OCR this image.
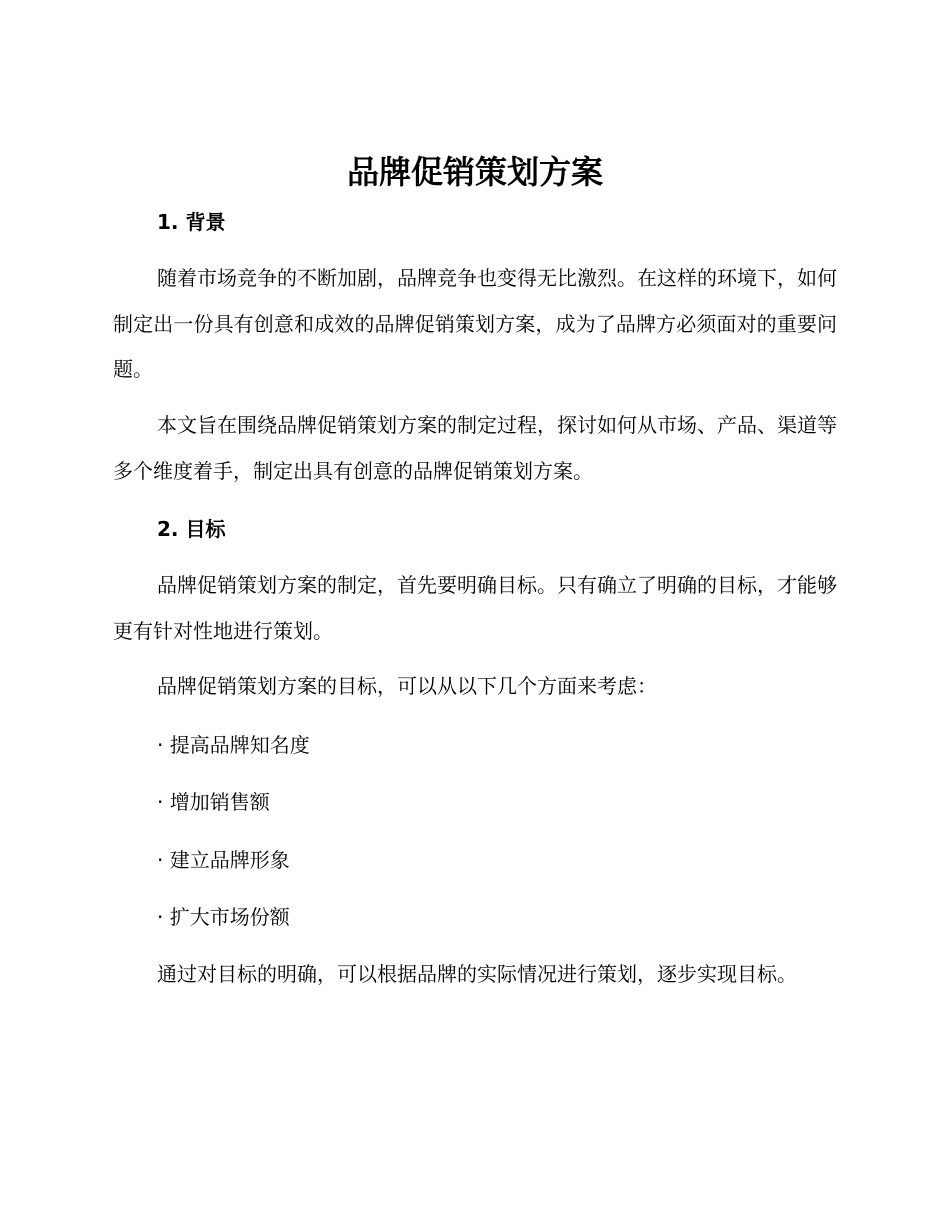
品牌促销策划方案
1. 背景

随着市场竞争的不断加剧，品牌竞争也变得无比激烈。在这样的环境下，如何制定出一份具有创意和成效的品牌促销策划方案，成为了品牌方必须面对的重要问题。

本文旨在围绕品牌促销策划方案的制定过程，探讨如何从市场、产品、渠道等多个维度着手，制定出具有创意的品牌促销策划方案。

2. 目标

品牌促销策划方案的制定，首先要明确目标。只有确立了明确的目标，才能够更有针对性地进行策划。

品牌促销策划方案的目标，可以从以下几个方面来考虑：

· 提高品牌知名度

· 增加销售额

· 建立品牌形象

· 扩大市场份额

通过对目标的明确，可以根据品牌的实际情况进行策划，逐步实现目标。
